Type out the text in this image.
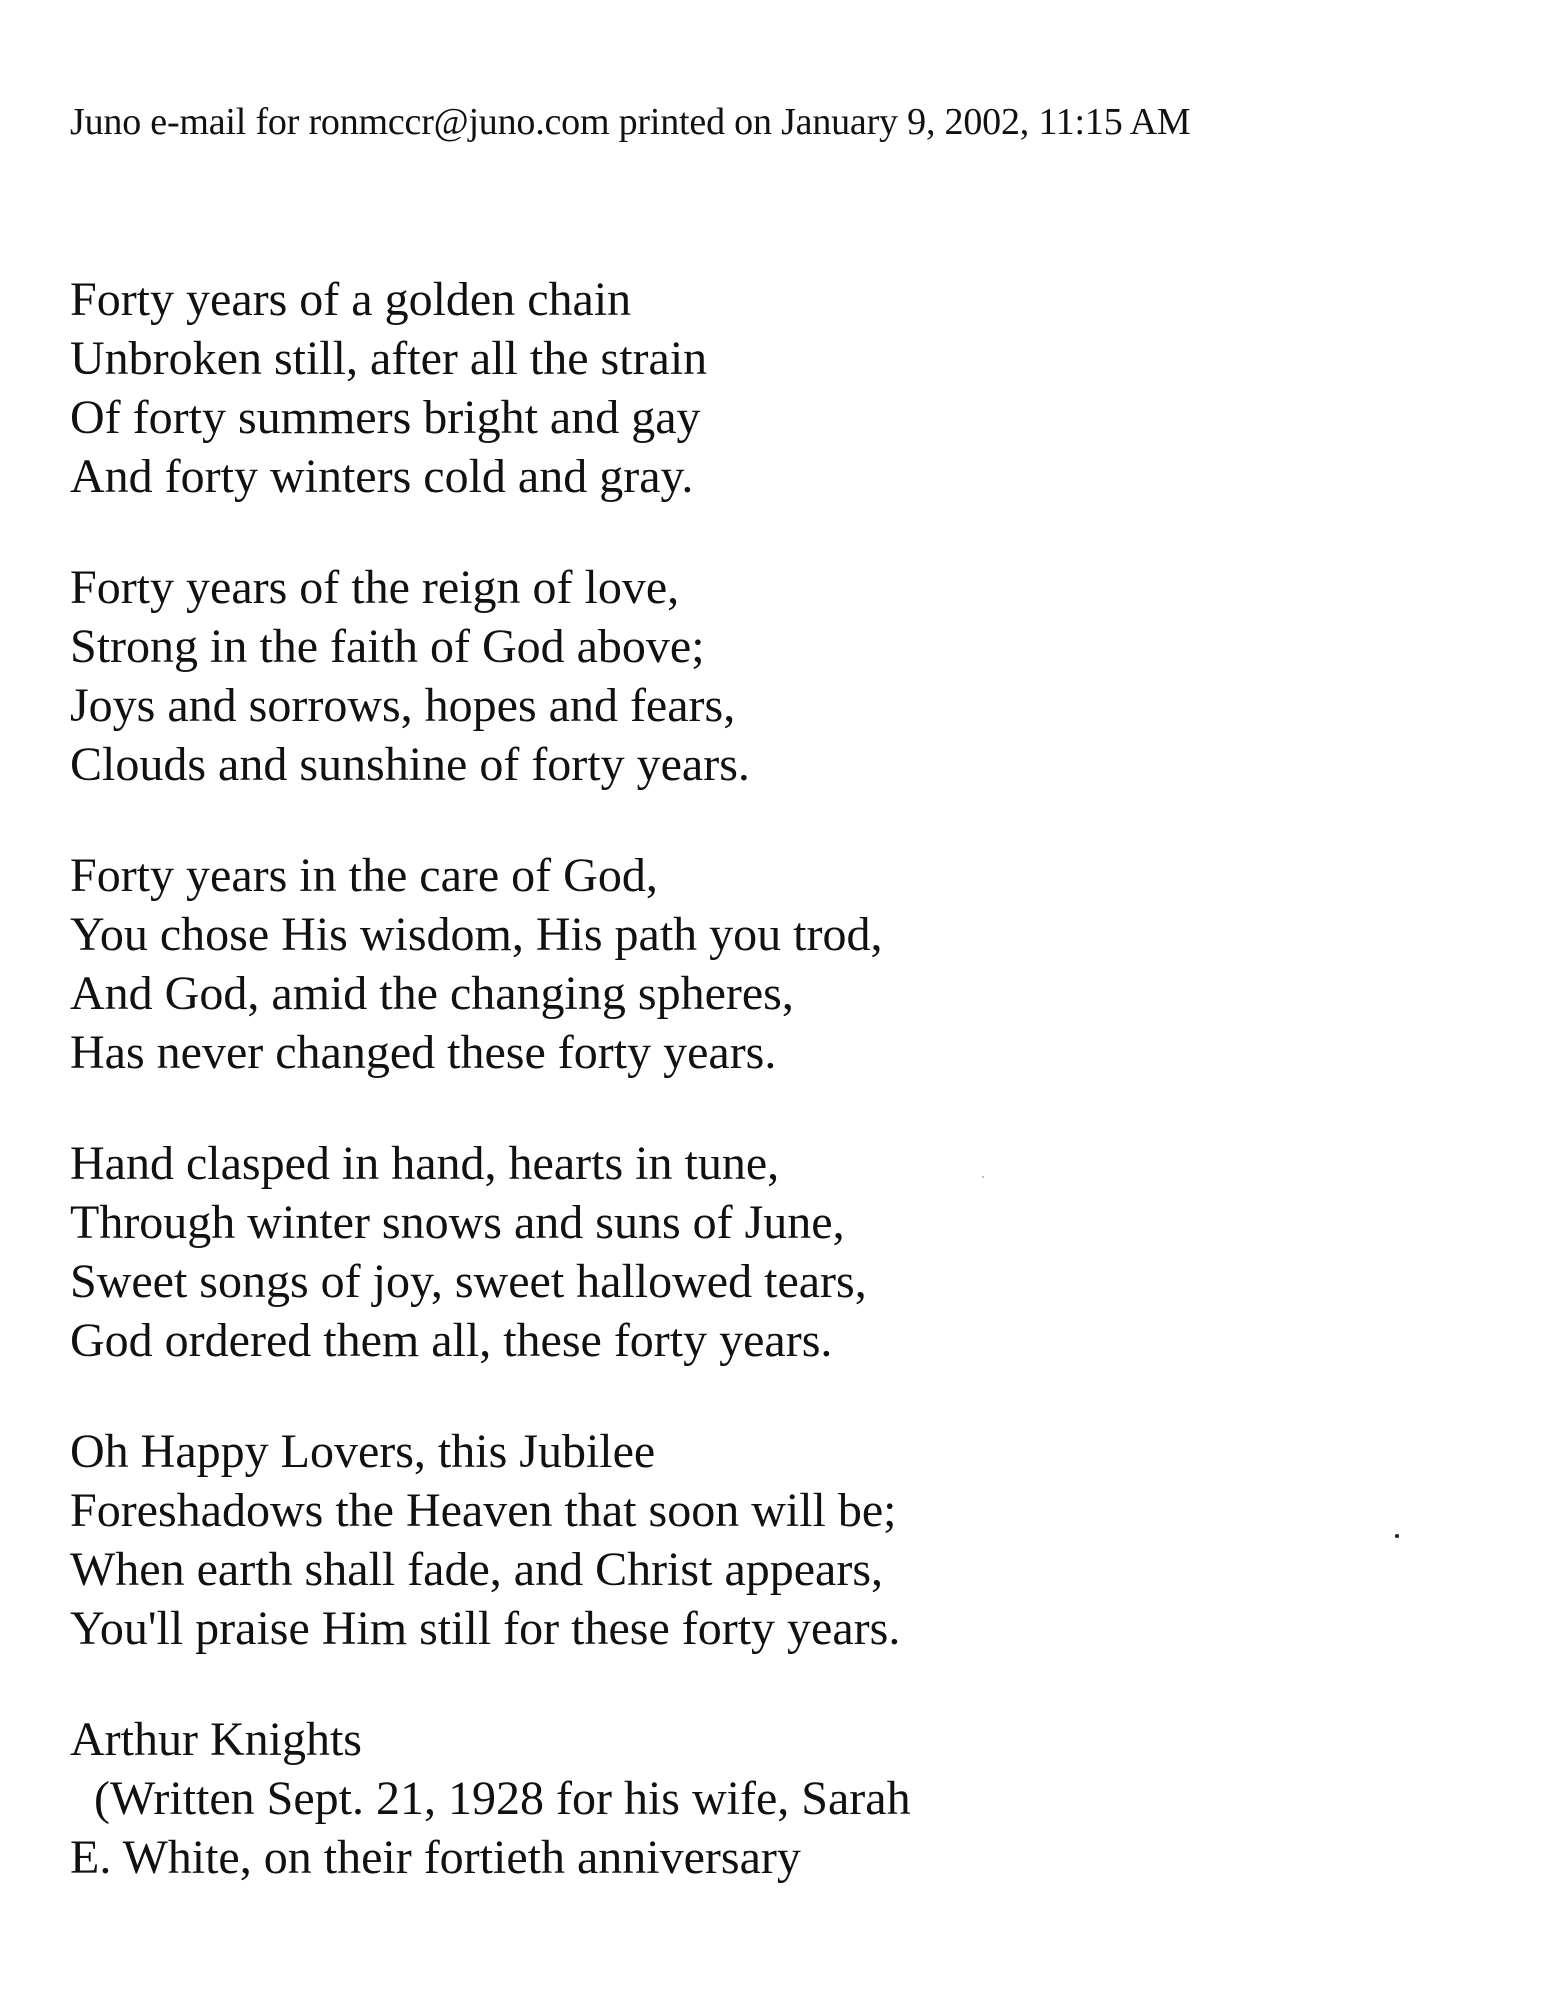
Juno e-mail for ronmccr@juno.com printed on January 9, 2002, 11:15 AM
Forty years of a golden chain
Unbroken still, after all the strain
Of forty summers bright and gay
And forty winters cold and gray.
Forty years of the reign of love,
Strong in the faith of God above;
Joys and sorrows, hopes and fears,
Clouds and sunshine of forty years.
Forty years in the care of God,
You chose His wisdom, His path you trod,
And God, amid the changing spheres,
Has never changed these forty years.
Hand clasped in hand, hearts in tune,
Through winter snows and suns of June,
Sweet songs of joy, sweet hallowed tears,
God ordered them all, these forty years.
Oh Happy Lovers, this Jubilee
Foreshadows the Heaven that soon will be;
When earth shall fade, and Christ appears,
You'll praise Him still for these forty years.
Arthur Knights
(Written Sept. 21, 1928 for his wife, Sarah
E. White, on their fortieth anniversary
